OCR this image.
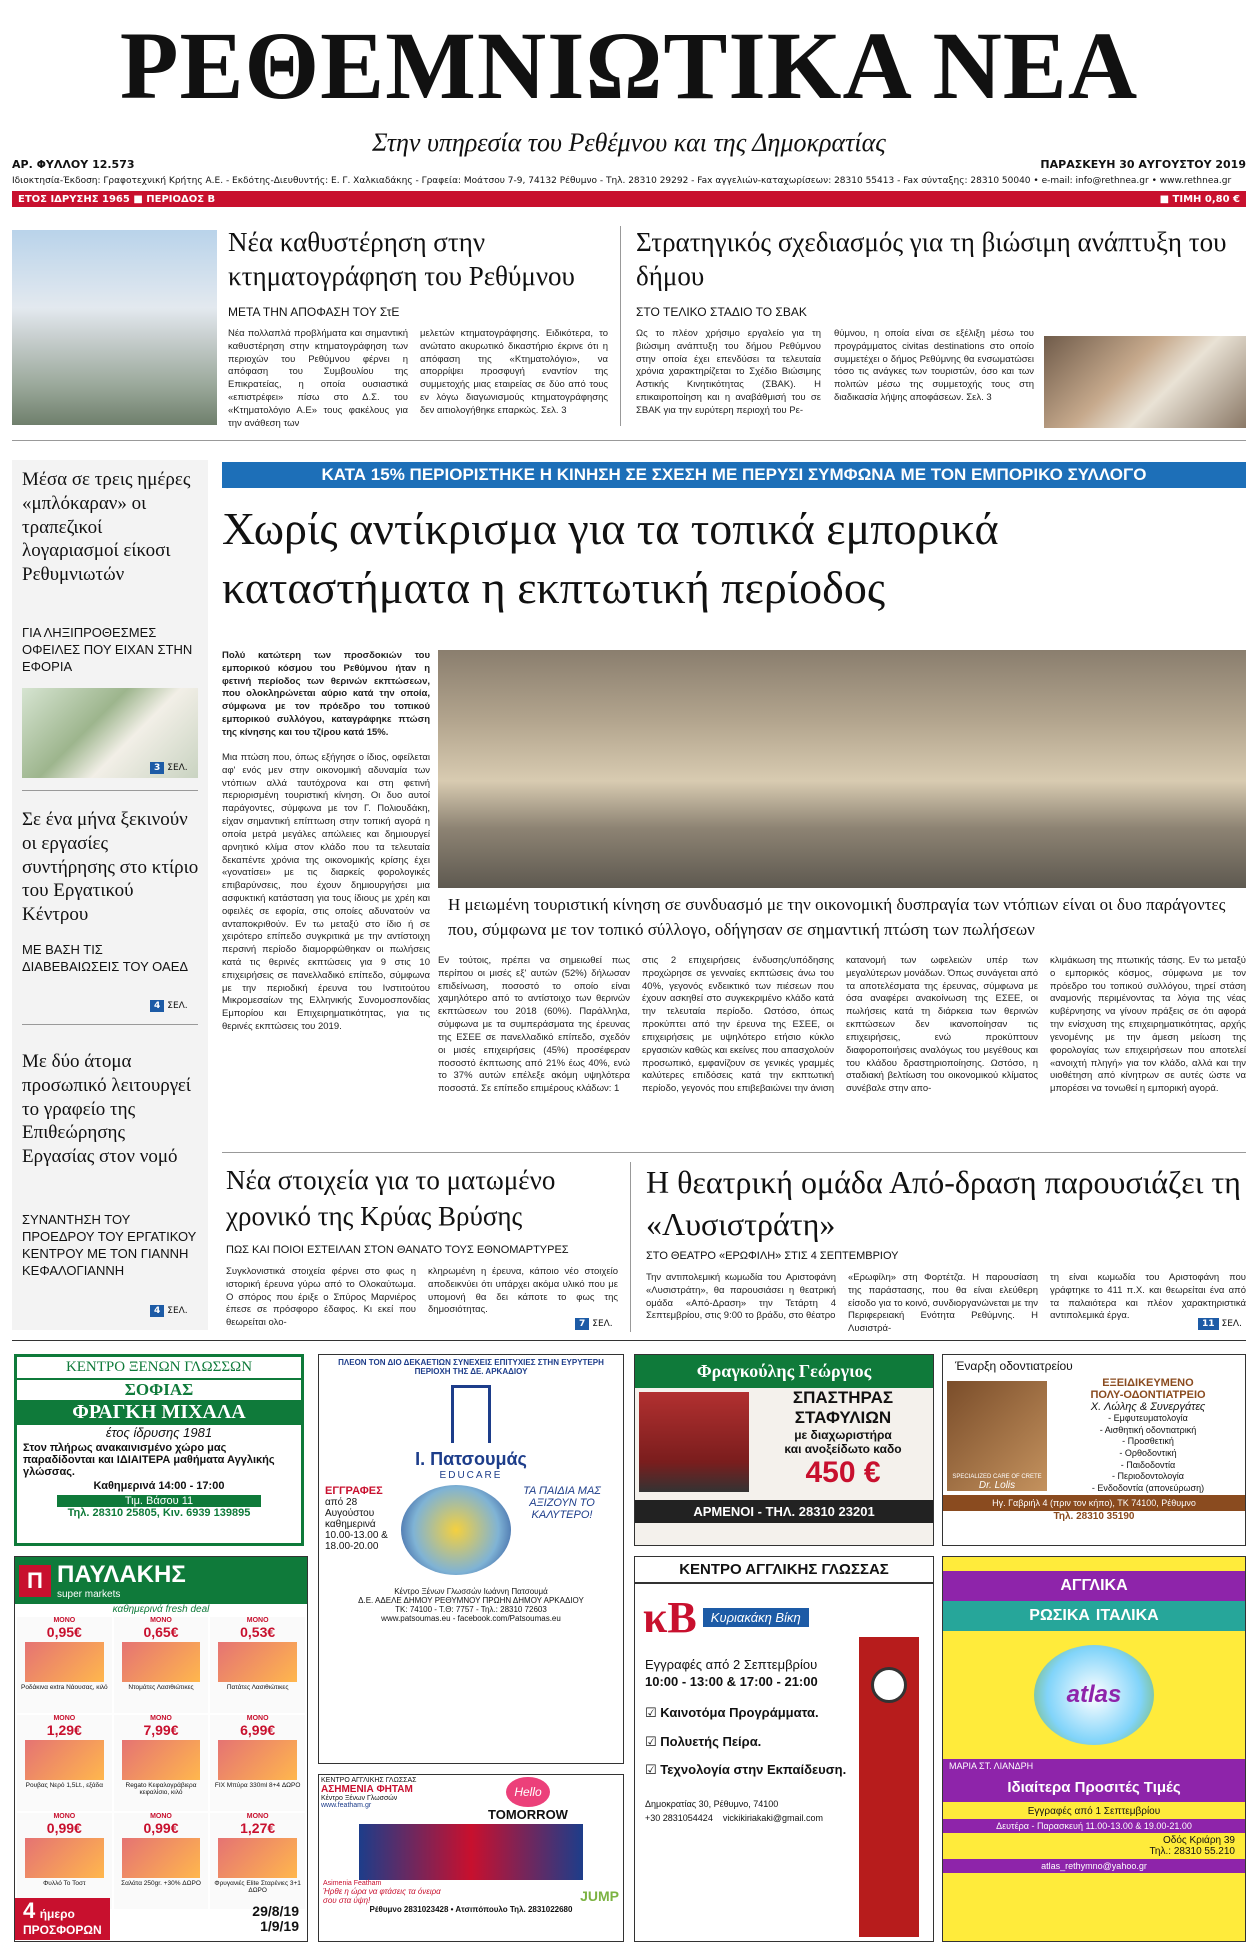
ΡΕΘΕΜΝΙΩΤΙΚΑ ΝΕΑ
Στην υπηρεσία του Ρεθέμνου και της Δημοκρατίας
ΑΡ. ΦΥΛΛΟΥ 12.573	ΠΑΡΑΣΚΕΥΗ 30 ΑΥΓΟΥΣΤΟΥ 2019
Ιδιοκτησία-Έκδοση: Γραφοτεχνική Κρήτης Α.Ε. - Εκδότης-Διευθυντής: Ε. Γ. Χαλκιαδάκης - Γραφεία: Μοάτσου 7-9, 74132 Ρέθυμνο - Τηλ. 28310 29292 - Fax αγγελιών-καταχωρίσεων: 28310 55413 - Fax σύνταξης: 28310 50040 • e-mail: info@rethnea.gr • www.rethnea.gr
ΕΤΟΣ ΙΔΡΥΣΗΣ 1965 ■ ΠΕΡΙΟΔΟΣ Β	■ ΤΙΜΗ 0,80 €
Νέα καθυστέρηση στην κτηματογράφηση του Ρεθύμνου
ΜΕΤΑ ΤΗΝ ΑΠΟΦΑΣΗ ΤΟΥ ΣτΕ
Νέα πολλαπλά προβλήματα και σημαντική καθυστέρηση στην κτηματογράφηση των περιοχών του Ρεθύμνου φέρνει η απόφαση του Συμβουλίου της Επικρατείας, η οποία ουσιαστικά «επιστρέφει» πίσω στο Δ.Σ. του «Κτηματολόγιο Α.Ε» τους φακέλους για την ανάθεση των
μελετών κτηματογράφησης. Ειδικότερα, το ανώτατο ακυρωτικό δικαστήριο έκρινε ότι η απόφαση της «Κτηματολόγιο», να απορρίψει προσφυγή εναντίον της συμμετοχής μιας εταιρείας σε δύο από τους εν λόγω διαγωνισμούς κτηματογράφησης δεν αιτιολογήθηκε επαρκώς. Σελ. 3
Στρατηγικός σχεδιασμός για τη βιώσιμη ανάπτυξη του δήμου
ΣΤΟ ΤΕΛΙΚΟ ΣΤΑΔΙΟ ΤΟ ΣΒΑΚ
Ως το πλέον χρήσιμο εργαλείο για τη βιώσιμη ανάπτυξη του δήμου Ρεθύμνου στην οποία έχει επενδύσει τα τελευταία χρόνια χαρακτηρίζεται το Σχέδιο Βιώσιμης Αστικής Κινητικότητας (ΣΒΑΚ). Η επικαιροποίηση και η αναβάθμισή του σε ΣΒΑΚ για την ευρύτερη περιοχή του Ρε-
θύμνου, η οποία είναι σε εξέλιξη μέσω του προγράμματος civitas destinations στο οποίο συμμετέχει ο δήμος Ρεθύμνης θα ενσωματώσει τόσο τις ανάγκες των τουριστών, όσο και των πολιτών μέσω της συμμετοχής τους στη διαδικασία λήψης αποφάσεων. Σελ. 3
Μέσα σε τρεις ημέρες «μπλόκαραν» οι τραπεζικοί λογαριασμοί είκοσι Ρεθυμνιωτών
ΓΙΑ ΛΗΞΙΠΡΟΘΕΣΜΕΣ ΟΦΕΙΛΕΣ ΠΟΥ ΕΙΧΑΝ ΣΤΗΝ ΕΦΟΡΙΑ
3 ΣΕΛ.
Σε ένα μήνα ξεκινούν οι εργασίες συντήρησης στο κτίριο του Εργατικού Κέντρου
ΜΕ ΒΑΣΗ ΤΙΣ ΔΙΑΒΕΒΑΙΩΣΕΙΣ ΤΟΥ ΟΑΕΔ
4 ΣΕΛ.
Με δύο άτομα προσωπικό λειτουργεί το γραφείο της Επιθεώρησης Εργασίας στον νομό
ΣΥΝΑΝΤΗΣΗ ΤΟΥ ΠΡΟΕΔΡΟΥ ΤΟΥ ΕΡΓΑΤΙΚΟΥ ΚΕΝΤΡΟΥ ΜΕ ΤΟΝ ΓΙΑΝΝΗ ΚΕΦΑΛΟΓΙΑΝΝΗ
4 ΣΕΛ.
ΚΑΤΑ 15% ΠΕΡΙΟΡΙΣΤΗΚΕ Η ΚΙΝΗΣΗ ΣΕ ΣΧΕΣΗ ΜΕ ΠΕΡΥΣΙ ΣΥΜΦΩΝΑ ΜΕ ΤΟΝ ΕΜΠΟΡΙΚΟ ΣΥΛΛΟΓΟ
Χωρίς αντίκρισμα για τα τοπικά εμπορικά καταστήματα η εκπτωτική περίοδος
Πολύ κατώτερη των προσδοκιών του εμπορικού κόσμου του Ρεθύμνου ήταν η φετινή περίοδος των θερινών εκπτώσεων, που ολοκληρώνεται αύριο κατά την οποία, σύμφωνα με τον πρόεδρο του τοπικού εμπορικού συλλόγου, καταγράφηκε πτώση της κίνησης και του τζίρου κατά 15%.
Μια πτώση που, όπως εξήγησε ο ίδιος, οφείλεται αφ' ενός μεν στην οικονομική αδυναμία των ντόπιων αλλά ταυτόχρονα και στη φετινή περιορισμένη τουριστική κίνηση. Οι δυο αυτοί παράγοντες, σύμφωνα με τον Γ. Πολιουδάκη, είχαν σημαντική επίπτωση στην τοπική αγορά η οποία μετρά μεγάλες απώλειες και δημιουργεί αρνητικό κλίμα στον κλάδο που τα τελευταία δεκαπέντε χρόνια της οικονομικής κρίσης έχει «γονατίσει» με τις διαρκείς φορολογικές επιβαρύνσεις, που έχουν δημιουργήσει μια ασφυκτική κατάσταση για τους ίδιους με χρέη και οφειλές σε εφορία, στις οποίες αδυνατούν να ανταποκριθούν. Εν τω μεταξύ στο ίδιο ή σε χειρότερο επίπεδο συγκριτικά με την αντίστοιχη περσινή περίοδο διαμορφώθηκαν οι πωλήσεις κατά τις θερινές εκπτώσεις για 9 στις 10 επιχειρήσεις σε πανελλαδικό επίπεδο, σύμφωνα με την περιοδική έρευνα του Ινστιτούτου Μικρομεσαίων της Ελληνικής Συνομοσπονδίας Εμπορίου και Επιχειρηματικότητας, για τις θερινές εκπτώσεις του 2019.
Η μειωμένη τουριστική κίνηση σε συνδυασμό με την οικονομική δυσπραγία των ντόπιων είναι οι δυο παράγοντες που, σύμφωνα με τον τοπικό σύλλογο, οδήγησαν σε σημαντική πτώση των πωλήσεων
Εν τούτοις, πρέπει να σημειωθεί πως περίπου οι μισές εξ' αυτών (52%) δήλωσαν επιδείνωση, ποσοστό το οποίο είναι χαμηλότερο από το αντίστοιχο των θερινών εκπτώσεων του 2018 (60%). Παράλληλα, σύμφωνα με τα συμπεράσματα της έρευνας της ΕΣΕΕ σε πανελλαδικό επίπεδο, σχεδόν οι μισές επιχειρήσεις (45%) προσέφεραν ποσοστό έκπτωσης από 21% έως 40%, ενώ το 37% αυτών επέλεξε ακόμη υψηλότερα ποσοστά. Σε επίπεδο επιμέρους κλάδων: 1
στις 2 επιχειρήσεις ένδυσης/υπόδησης προχώρησε σε γενναίες εκπτώσεις άνω του 40%, γεγονός ενδεικτικό των πιέσεων που έχουν ασκηθεί στο συγκεκριμένο κλάδο κατά την τελευταία περίοδο. Ωστόσο, όπως προκύπτει από την έρευνα της ΕΣΕΕ, οι επιχειρήσεις με υψηλότερο ετήσιο κύκλο εργασιών καθώς και εκείνες που απασχολούν προσωπικό, εμφανίζουν σε γενικές γραμμές καλύτερες επιδόσεις κατά την εκπτωτική περίοδο, γεγονός που επιβεβαιώνει την άνιση
κατανομή των ωφελειών υπέρ των μεγαλύτερων μονάδων. Όπως συνάγεται από τα αποτελέσματα της έρευνας, σύμφωνα με όσα αναφέρει ανακοίνωση της ΕΣΕΕ, οι πωλήσεις κατά τη διάρκεια των θερινών εκπτώσεων δεν ικανοποίησαν τις επιχειρήσεις, ενώ προκύπτουν διαφοροποιήσεις αναλόγως του μεγέθους και του κλάδου δραστηριοποίησης. Ωστόσο, η σταδιακή βελτίωση του οικονομικού κλίματος συνέβαλε στην απο-
κλιμάκωση της πτωτικής τάσης. Εν τω μεταξύ ο εμπορικός κόσμος, σύμφωνα με τον πρόεδρο του τοπικού συλλόγου, τηρεί στάση αναμονής περιμένοντας τα λόγια της νέας κυβέρνησης να γίνουν πράξεις σε ότι αφορά την ενίσχυση της επιχειρηματικότητας, αρχής γενομένης με την άμεση μείωση της φορολογίας των επιχειρήσεων που αποτελεί «ανοιχτή πληγή» για τον κλάδο, αλλά και την υιοθέτηση από κίνητρων σε αυτές ώστε να μπορέσει να τονωθεί η εμπορική αγορά.
Νέα στοιχεία για το ματωμένο χρονικό της Κρύας Βρύσης
ΠΩΣ ΚΑΙ ΠΟΙΟΙ ΕΣΤΕΙΛΑΝ ΣΤΟΝ ΘΑΝΑΤΟ ΤΟΥΣ ΕΘΝΟΜΑΡΤΥΡΕΣ
Συγκλονιστικά στοιχεία φέρνει στο φως η ιστορική έρευνα γύρω από το Ολοκαύτωμα. Ο σπόρος που έριξε ο Σπύρος Μαρνιέρος έπεσε σε πρόσφορο έδαφος. Κι εκεί που θεωρείται ολο-
κληρωμένη η έρευνα, κάποιο νέο στοιχείο αποδεικνύει ότι υπάρχει ακόμα υλικό που με υπομονή θα δει κάποτε το φως της δημοσιότητας.
7 ΣΕΛ.
Η θεατρική ομάδα Από-δραση παρουσιάζει τη «Λυσιστράτη»
ΣΤΟ ΘΕΑΤΡΟ «ΕΡΩΦΙΛΗ» ΣΤΙΣ 4 ΣΕΠΤΕΜΒΡΙΟΥ
Την αντιπολεμική κωμωδία του Αριστοφάνη «Λυσιστράτη», θα παρουσιάσει η θεατρική ομάδα «Από-Δραση» την Τετάρτη 4 Σεπτεμβρίου, στις 9:00 το βράδυ, στο θέατρο
«Ερωφίλη» στη Φορτέτζα. Η παρουσίαση της παράστασης, που θα είναι ελεύθερη είσοδο για το κοινό, συνδιοργανώνεται με την Περιφερειακή Ενότητα Ρεθύμνης. Η Λυσιστρά-
τη είναι κωμωδία του Αριστοφάνη που γράφτηκε το 411 π.Χ. και θεωρείται ένα από τα παλαιότερα και πλέον χαρακτηριστικά αντιπολεμικά έργα.
11 ΣΕΛ.
ΚΕΝΤΡΟ ΞΕΝΩΝ ΓΛΩΣΣΩΝ
ΣΟΦΙΑΣ
ΦΡΑΓΚΗ ΜΙΧΑΛΑ
έτος ίδρυσης 1981
Στον πλήρως ανακαινισμένο χώρο μας παραδίδονται και ΙΔΙΑΙΤΕΡΑ μαθήματα Αγγλικής γλώσσας.
Καθημερινά 14:00 - 17:00
Τιμ. Βάσου 11
Τηλ. 28310 25805, Κιν. 6939 139895
ΠΛΕΟΝ ΤΟΝ ΔΙΟ ΔΕΚΑΕΤΙΩΝ ΣΥΝΕΧΕΙΣ ΕΠΙΤΥΧΙΕΣ ΣΤΗΝ ΕΥΡΥΤΕΡΗ ΠΕΡΙΟΧΗ ΤΗΣ ΔΕ. ΑΡΚΑΔΙΟΥ
Ι. Πατσουμάς
EDUCARE
ΕΓΓΡΑΦΕΣ
από 28 Αυγούστου καθημερινά 10.00-13.00 & 18.00-20.00
ΤΑ ΠΑΙΔΙΑ ΜΑΣ ΑΞΙΖΟΥΝ ΤΟ ΚΑΛΥΤΕΡΟ!
Κέντρο Ξένων Γλωσσών Ιωάννη Πατσουμά
Δ.Ε. ΑΔΕΛΕ ΔΗΜΟΥ ΡΕΘΥΜΝΟΥ ΠΡΩΗΝ ΔΗΜΟΥ ΑΡΚΑΔΙΟΥ
ΤΚ: 74100 - Τ.Θ: 7757 - Τηλ.: 28310 72603
www.patsoumas.eu - facebook.com/Patsoumas.eu
Φραγκούλης Γεώργιος
ΣΠΑΣΤΗΡΑΣ
ΣΤΑΦΥΛΙΩΝ
με διαχωριστήρα
και ανοξείδωτο καδο
450 €
ΑΡΜΕΝΟΙ - ΤΗΛ. 28310 23201
Έναρξη οδοντιατρείου
SPECIALIZED CARE OF CRETE
Dr. Lolis
ΕΞΕΙΔΙΚΕΥΜΕΝΟ
ΠΟΛΥ-ΟΔΟΝΤΙΑΤΡΕΙΟ
Χ. Λώλης & Συνεργάτες
- Εμφυτευματολογία
- Αισθητική οδοντιατρική
- Προσθετική
- Ορθοδοντική
- Παιδοδοντία
- Περιοδοντολογία
- Ενδοδοντία (απονεύρωση)
Ηγ. Γαβριήλ 4 (πριν τον κήπο), ΤΚ 74100, Ρέθυμνο
Τηλ. 28310 35190
Π ΠΑΥΛΑΚΗΣ
super markets
καθημερινά fresh deal
ΜΟΝΟ
0,95€
Ροδάκινα extra Νάουσας, κιλό
ΜΟΝΟ
0,65€
Ντομάτες Λασιθιώτικες
ΜΟΝΟ
0,53€
Πατάτες Λασιθιώτικες
ΜΟΝΟ
1,29€
Ρουβας Νερό 1,5Lt., εξάδα
ΜΟΝΟ
7,99€
Regato Κεφαλογράβιερα κεφαλίσιο, κιλό
ΜΟΝΟ
6,99€
FIX Μπύρα 330ml 8+4 ΔΩΡΟ
ΜΟΝΟ
0,99€
Φυλλό Το Τοστ
ΜΟΝΟ
0,99€
Σαλάτα 250gr. +30% ΔΩΡΟ
ΜΟΝΟ
1,27€
Φρυγανιές Elite Σταρένιες 3+1 ΔΩΡΟ
4 ήμερο
ΠΡΟΣΦΟΡΩΝ
29/8/19
1/9/19
ΚΕΝΤΡΟ ΑΓΓΛΙΚΗΣ ΓΛΩΣΣΑΣ
ΑΣΗΜΕΝΙΑ ΦΗΤΑΜ
Κέντρο Ξένων Γλωσσών
www.featham.gr
Hello
TOMORROW
Asimenia Featham
Ήρθε η ώρα να φτάσεις τα όνειρα σου στα ύψη!	JUMP
Ρέθυμνο 2831023428 • Ατσιπόπουλο Τηλ. 2831022680
ΚΕΝΤΡΟ ΑΓΓΛΙΚΗΣ ΓΛΩΣΣΑΣ
κΒ	Κυριακάκη Βίκη
Εγγραφές από 2 Σεπτεμβρίου
10:00 - 13:00 & 17:00 - 21:00
☑ Καινοτόμα Προγράμματα.
☑ Πολυετής Πείρα.
☑ Τεχνολογία στην Εκπαίδευση.
Δημοκρατίας 30, Ρέθυμνο, 74100
+30 2831054424 vickikiriakaki@gmail.com
ΑΓΓΛΙΚΑ
ΡΩΣΙΚΑ ΙΤΑΛΙΚΑ
atlas
ΜΑΡΙΑ ΣΤ. ΛΙΑΝΔΡΗ
Ιδιαίτερα Προσιτές Τιμές
Εγγραφές από 1 Σεπτεμβρίου
Δευτέρα - Παρασκευή 11.00-13.00 & 19.00-21.00
Οδός Κριάρη 39
Τηλ.: 28310 55.210
atlas_rethymno@yahoo.gr
